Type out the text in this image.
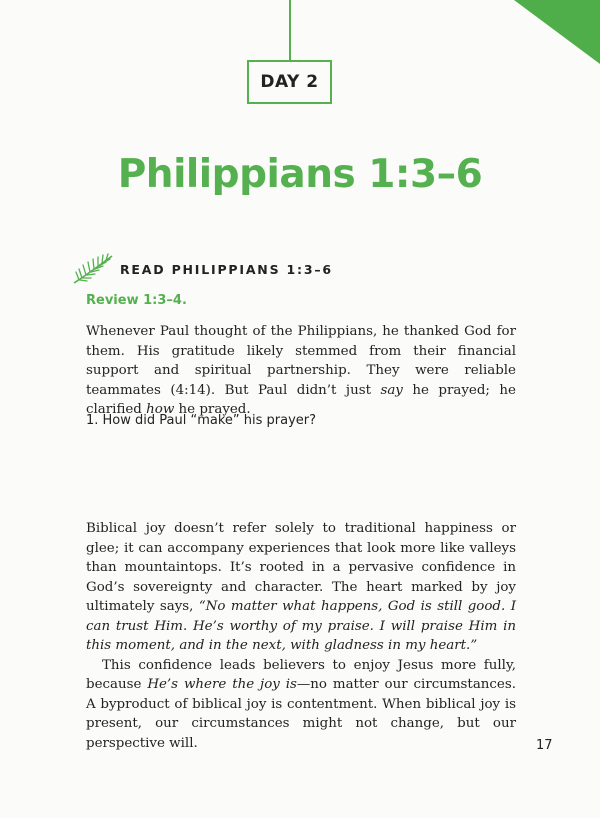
DAY 2
Philippians 1:3–6
READ PHILIPPIANS 1:3–6
Review 1:3–4.

Whenever Paul thought of the Philippians, he thanked God for them. His gratitude likely stemmed from their financial support and spiritual partnership. They were reliable teammates (4:14). But Paul didn’t just say he prayed; he clarified how he prayed.

1. How did Paul “make” his prayer?

Biblical joy doesn’t refer solely to traditional happiness or glee; it can accompany experiences that look more like valleys than mountaintops. It’s rooted in a pervasive confidence in God’s sovereignty and character. The heart marked by joy ultimately says, “No matter what happens, God is still good. I can trust Him. He’s worthy of my praise. I will praise Him in this moment, and in the next, with gladness in my heart.”

This confidence leads believers to enjoy Jesus more fully, because He’s where the joy is—no matter our circumstances. A byproduct of biblical joy is contentment. When biblical joy is present, our circumstances might not change, but our perspective will.	17
